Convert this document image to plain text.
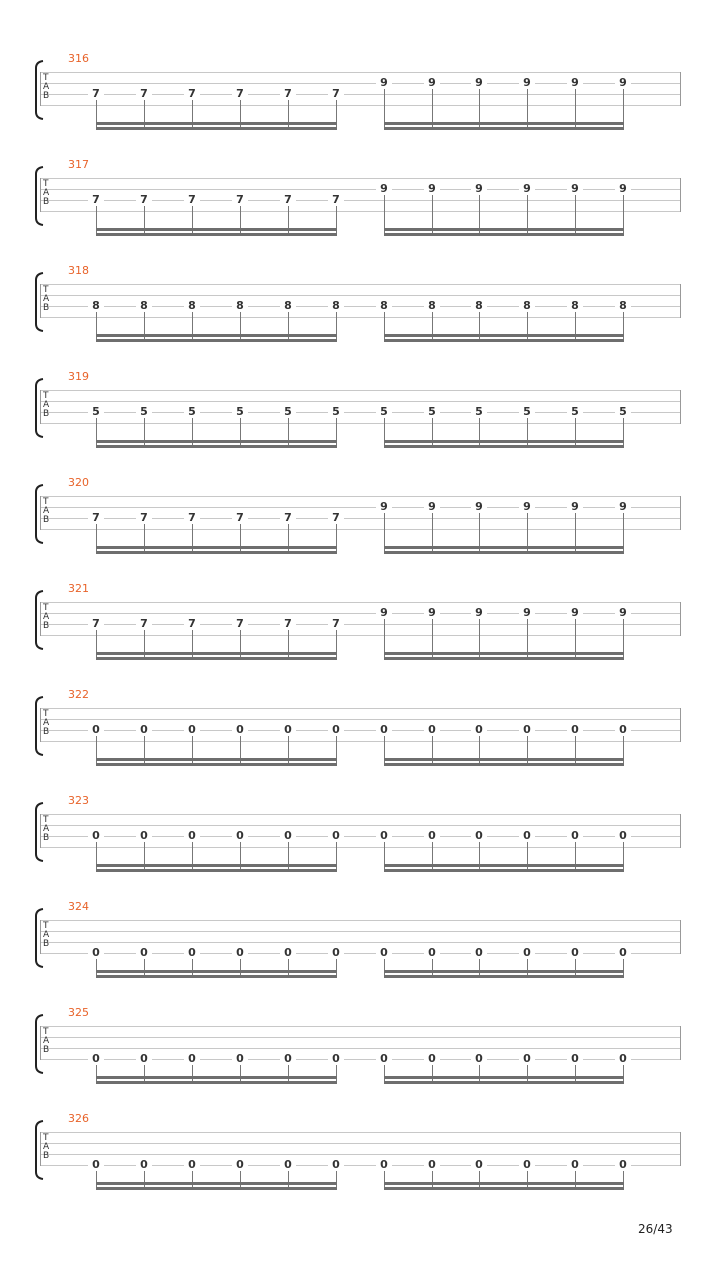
316
T
A
B	7	7	7	7	7	7
9	9	9	9	9	9
317
T
A
B	7	7	7	7	7	7
9	9	9	9	9	9
318
T
A
B	8	8	8	8	8	8	8	8	8	8	8	8
319
T
A
B	5	5	5	5	5	5	5	5	5	5	5	5
320
T
A
B	7	7	7	7	7	7
9	9	9	9	9	9
321
T
A
B	7	7	7	7	7	7
9	9	9	9	9	9
322
T
A
B	0	0	0	0	0	0	0	0	0	0	0	0
323
T
A
B	0	0	0	0	0	0	0	0	0	0	0	0
324
T
A
B
0	0	0	0	0	0	0	0	0	0	0	0
325
T
A
B
0	0	0	0	0	0	0	0	0	0	0	0
326
T
A
B
0	0	0	0	0	0	0	0	0	0	0	0
26/43
